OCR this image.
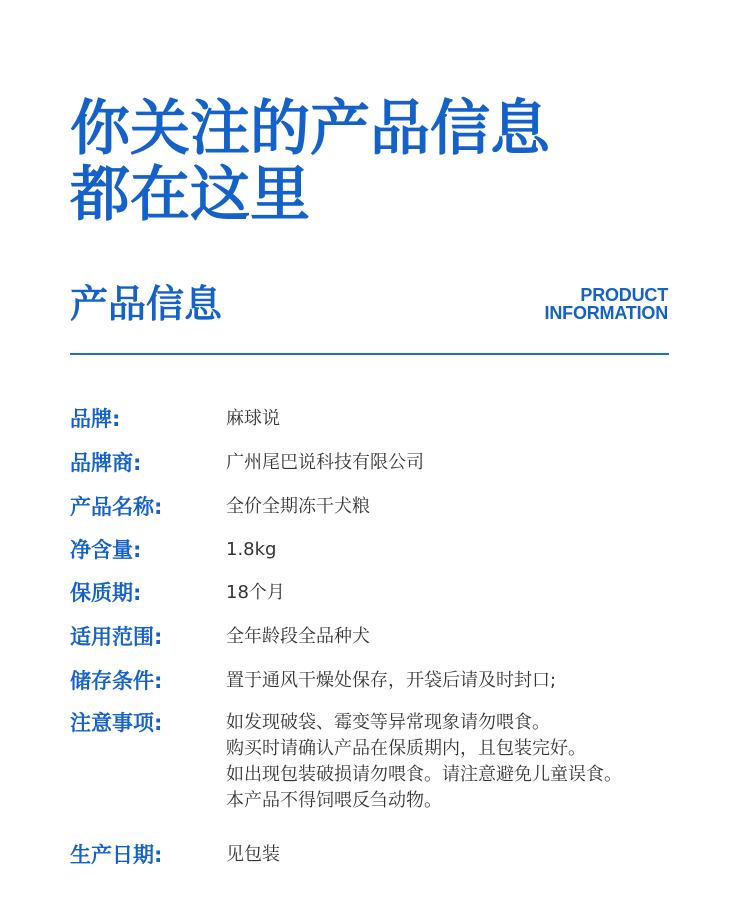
你关注的产品信息
都在这里
产品信息	PRODUCT
INFORMATION
品牌:	麻球说
品牌商:	广州尾巴说科技有限公司
产品名称:	全价全期冻干犬粮
净含量:	1.8kg
保质期:	18个月
适用范围:	全年龄段全品种犬
储存条件:	置于通风干燥处保存，开袋后请及时封口;
注意事项:	如发现破袋、霉变等异常现象请勿喂食。
购买时请确认产品在保质期内，且包装完好。
如出现包装破损请勿喂食。请注意避免儿童误食。
本产品不得饲喂反刍动物。
生产日期:	见包装
